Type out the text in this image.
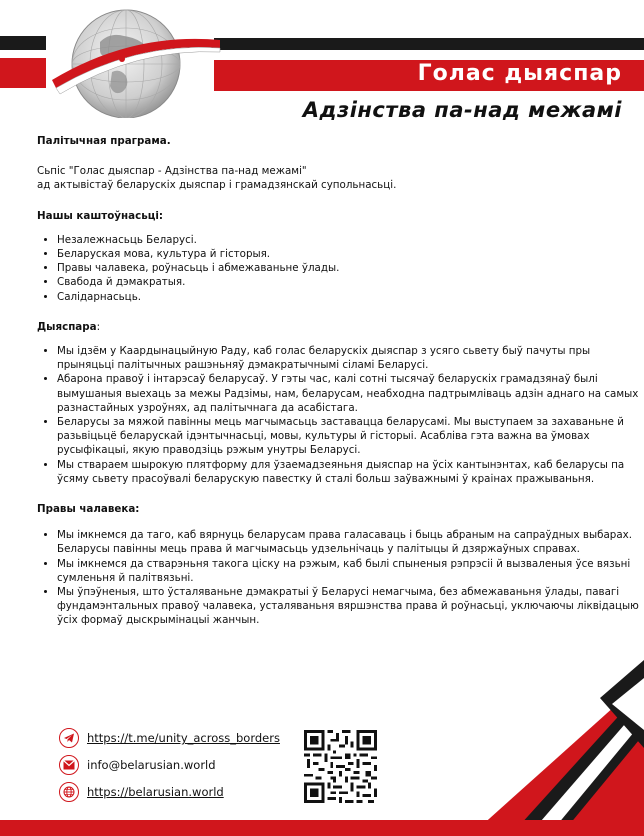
Голас дыяспар
Адзінства па-над межамі

Палітычная праграма.

Сьпіс "Голас дыяспар - Адзінства па-над межамі"

ад актывістаў беларускіх дыяспар і грамадзянскай супольнасьці.

Нашы каштоўнасьці:

• Незалежнасьць Беларусі.
• Беларуская мова, культура й гісторыя.
• Правы чалавека, роўнасьць і абмежаваньне ўлады.
• Свабода й дэмакратыя.
• Салідарнасьць.

Дыяспара:

• Мы ідзём у Каардынацыйную Раду, каб голас беларускіх дыяспар з усяго сьвету быў пачуты пры прыняцьці палітычных рашэньняў дэмакратычнымі сіламі Беларусі.
• Абарона правоў і інтарэсаў беларусаў. У гэты час, калі сотні тысячаў беларускіх грамадзянаў былі вымушаныя выехаць за межы Радзімы, нам, беларусам, неабходна падтрымліваць адзін аднаго на самых разнастайных узроўнях, ад палітычнага да асабістага.
• Беларусы за мяжой павінны мець магчымасьць заставацца беларусамі. Мы выступаем за захаваньне й разьвіцьцё беларускай ідэнтычнасьці, мовы, культуры й гісторыі. Асабліва гэта важна ва ўмовах русыфікацыі, якую праводзіць рэжым унутры Беларусі.
• Мы ствараем шырокую плятформу для ўзаемадзеяньня дыяспар на ўсіх кантынэнтах, каб беларусы па ўсяму сьвету прасоўвалі беларускую павестку й сталі больш заўважнымі ў краінах пражываньня.

Правы чалавека:

• Мы імкнемся да таго, каб вярнуць беларусам права галасаваць і быць абраным на сапраўдных выбарах. Беларусы павінны мець права й магчымасьць удзельнічаць у палітыцы й дзяржаўных справах.
• Мы імкнемся да стварэньня такога ціску на рэжым, каб былі спыненыя рэпрэсіі й вызваленыя ўсе вязьні сумленьня й палітвязьні.
• Мы ўпэўненыя, што ўсталяваньне дэмакратыі ў Беларусі немагчыма, без абмежаваньня ўлады, павагі фундамэнтальных правоў чалавека, усталяваньня вяршэнства права й роўнасьці, уключаючы ліквідацыю ўсіх формаў дыскрымінацыі жанчын.
https://t.me/unity_across_borders
info@belarusian.world
https://belarusian.world
